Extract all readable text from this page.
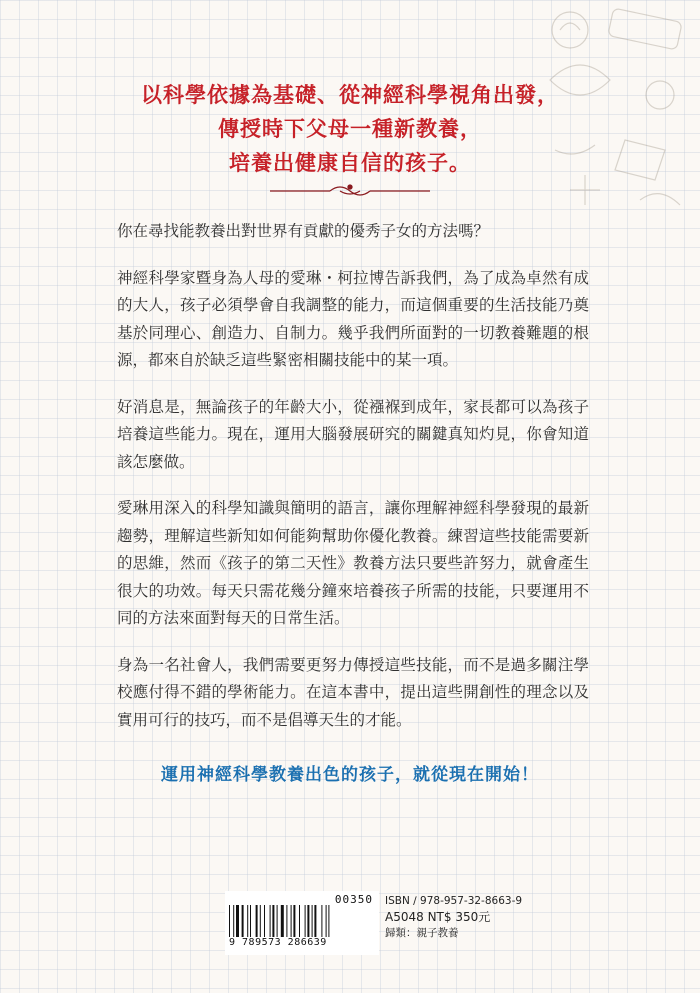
以科學依據為基礎、從神經科學視角出發，
傳授時下父母一種新教養，
培養出健康自信的孩子。

你在尋找能教養出對世界有貢獻的優秀子女的方法嗎？

神經科學家暨身為人母的愛琳・柯拉博告訴我們，為了成為卓然有成的大人，孩子必須學會自我調整的能力，而這個重要的生活技能乃奠基於同理心、創造力、自制力。幾乎我們所面對的一切教養難題的根源，都來自於缺乏這些緊密相關技能中的某一項。

好消息是，無論孩子的年齡大小，從襁褓到成年，家長都可以為孩子培養這些能力。現在，運用大腦發展研究的關鍵真知灼見，你會知道該怎麼做。

愛琳用深入的科學知識與簡明的語言，讓你理解神經科學發現的最新趨勢，理解這些新知如何能夠幫助你優化教養。練習這些技能需要新的思維，然而《孩子的第二天性》教養方法只要些許努力，就會產生很大的功效。每天只需花幾分鐘來培養孩子所需的技能，只要運用不同的方法來面對每天的日常生活。

身為一名社會人，我們需要更努力傳授這些技能，而不是過多關注學校應付得不錯的學術能力。在這本書中，提出這些開創性的理念以及實用可行的技巧，而不是倡導天生的才能。

運用神經科學教養出色的孩子，就從現在開始！
00350
9 789573 286639
ISBN ∕ 978-957-32-8663-9
A5048 NT$ 350元
歸類：親子教養
